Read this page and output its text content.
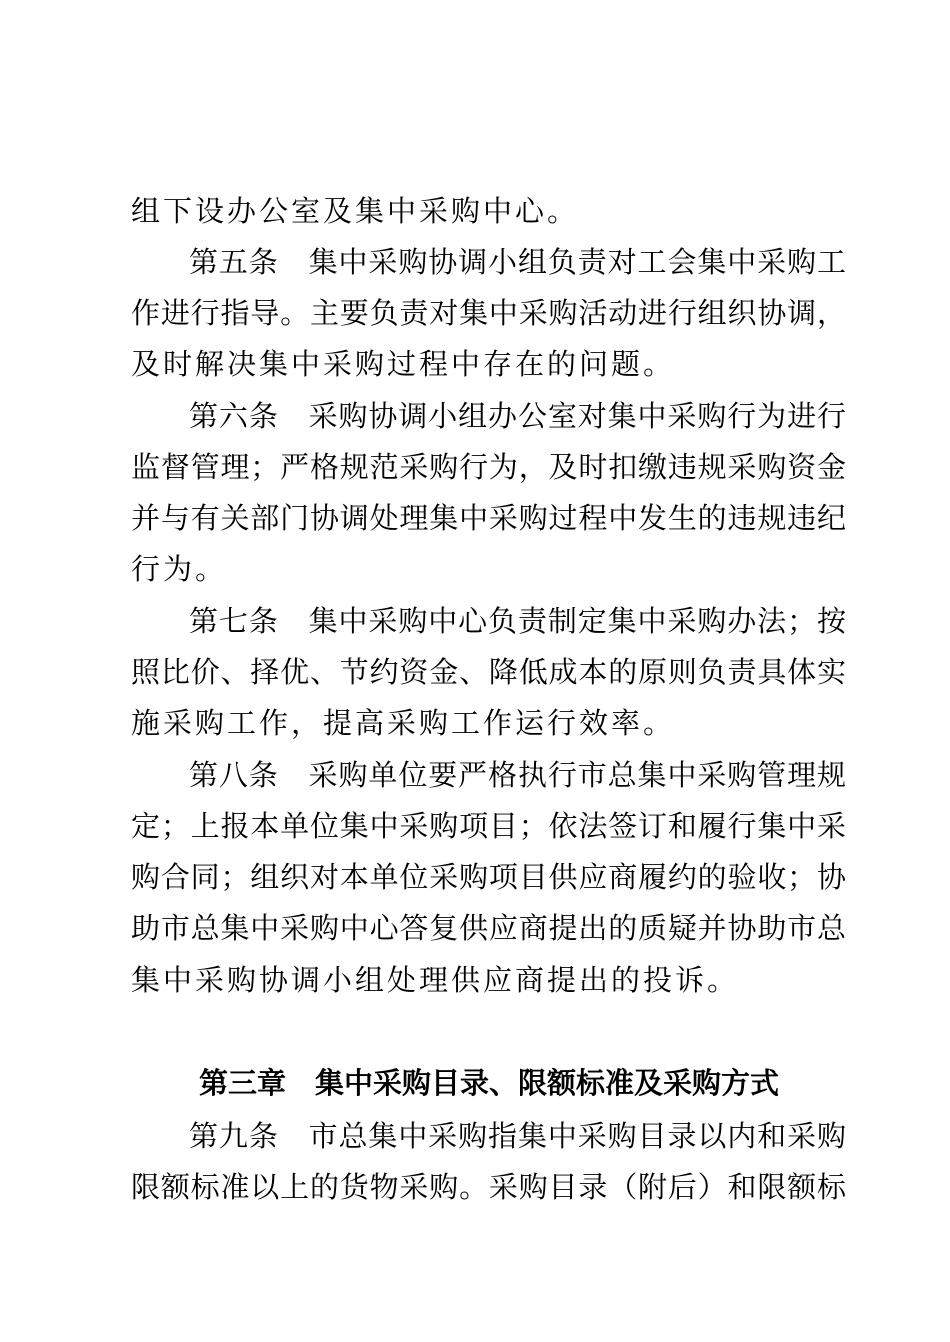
组下设办公室及集中采购中心。
第五条　集中采购协调小组负责对工会集中采购工
作进行指导。主要负责对集中采购活动进行组织协调，
及时解决集中采购过程中存在的问题。
第六条　采购协调小组办公室对集中采购行为进行
监督管理；严格规范采购行为，及时扣缴违规采购资金
并与有关部门协调处理集中采购过程中发生的违规违纪
行为。
第七条　集中采购中心负责制定集中采购办法；按
照比价、择优、节约资金、降低成本的原则负责具体实
施采购工作，提高采购工作运行效率。
第八条　采购单位要严格执行市总集中采购管理规
定；上报本单位集中采购项目；依法签订和履行集中采
购合同；组织对本单位采购项目供应商履约的验收；协
助市总集中采购中心答复供应商提出的质疑并协助市总
集中采购协调小组处理供应商提出的投诉。
第三章　集中采购目录、限额标准及采购方式
第九条　市总集中采购指集中采购目录以内和采购
限额标准以上的货物采购。采购目录（附后）和限额标
